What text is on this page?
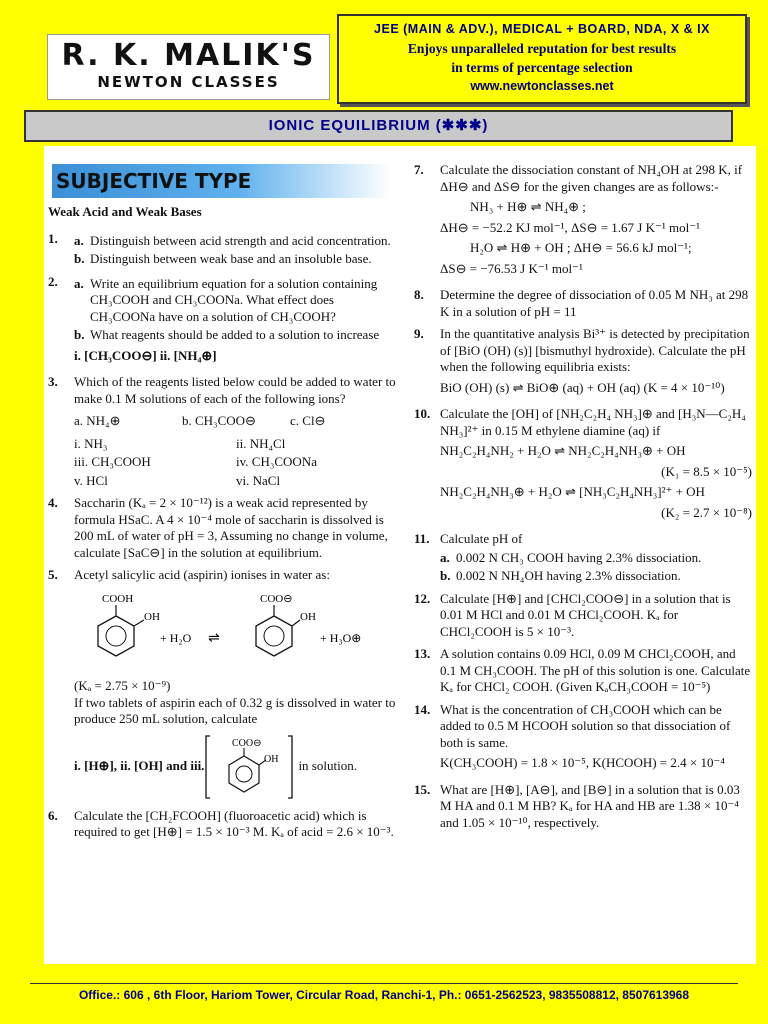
R. K. MALIK'S
NEWTON CLASSES
JEE (MAIN & ADV.), MEDICAL + BOARD, NDA, X & IX
Enjoys unparalleled reputation for best results
in terms of percentage selection
www.newtonclasses.net
IONIC EQUILIBRIUM (✱✱✱)
SUBJECTIVE TYPE
Weak Acid and Weak Bases
1.	a. Distinguish between acid strength and acid concentration.
b. Distinguish between weak base and an insoluble base.
2.	a. Write an equilibrium equation for a solution containing CH₃COOH and CH₃COONa. What effect does CH₃COONa have on a solution of CH₃COOH?
b. What reagents should be added to a solution to increase
i. [CH₃COO⊖] ii. [NH₄⊕]
3.	Which of the reagents listed below could be added to water to make 0.1 M solutions of each of the following ions?
a. NH₄⊕	b. CH₃COO⊖	c. Cl⊖
i. NH₃	ii. NH₄Cl
iii. CH₃COOH	iv. CH₃COONa
v. HCl	vi. NaCl
4.	Saccharin (Kₐ = 2 × 10⁻¹²) is a weak acid represented by formula HSaC. A 4 × 10⁻⁴ mole of saccharin is dissolved is 200 mL of water of pH = 3, Assuming no change in volume, calculate [SaC⊖] in the solution at equilibrium.
5.	Acetyl salicylic acid (aspirin) ionises in water as:
COOH
OH
+ H₂O ⇌
COO⊖
OH
+ H₃O⊕
(Kₐ = 2.75 × 10⁻⁹)
If two tablets of aspirin each of 0.32 g is dissolved in water to produce 250 mL solution, calculate
i. [H⊕], ii. [OH] and iii.
COO⊖
OH in solution.
6.	Calculate the [CH₂FCOOH] (fluoroacetic acid) which is required to get [H⊕] = 1.5 × 10⁻³ M. Kₐ of acid = 2.6 × 10⁻³.
7.	Calculate the dissociation constant of NH₄OH at 298 K, if ΔH⊖ and ΔS⊖ for the given changes are as follows:-
NH₃ + H⊕ ⇌ NH₄⊕ ;
ΔH⊖ = −52.2 KJ mol⁻¹, ΔS⊖ = 1.67 J K⁻¹ mol⁻¹
H₂O ⇌ H⊕ + OH ; ΔH⊖ = 56.6 kJ mol⁻¹;
ΔS⊖ = −76.53 J K⁻¹ mol⁻¹
8.	Determine the degree of dissociation of 0.05 M NH₃ at 298 K in a solution of pH = 11
9.	In the quantitative analysis Bi³⁺ is detected by precipitation of [BiO (OH) (s)] [bismuthyl hydroxide). Calculate the pH when the following equilibria exists:
BiO (OH) (s) ⇌ BiO⊕ (aq) + OH (aq) (K = 4 × 10⁻¹⁰)
10. Calculate the [OH] of [NH₂C₂H₄ NH₃]⊕ and [H₃N—C₂H₄ NH₃]²⁺ in 0.15 M ethylene diamine (aq) if
NH₂C₂H₄NH₂ + H₂O ⇌ NH₂C₂H₄NH₃⊕ + OH
(K₁ = 8.5 × 10⁻⁵)
NH₂C₂H₄NH₃⊕ + H₂O ⇌ [NH₃C₂H₄NH₃]²⁺ + OH
(K₂ = 2.7 × 10⁻⁸)
11. Calculate pH of
a. 0.002 N CH₃ COOH having 2.3% dissociation.
b. 0.002 N NH₄OH having 2.3% dissociation.
12. Calculate [H⊕] and [CHCl₂COO⊖] in a solution that is 0.01 M HCl and 0.01 M CHCl₂COOH. Kₐ for CHCl₂COOH is 5 × 10⁻³.
13. A solution contains 0.09 HCl, 0.09 M CHCl₂COOH, and 0.1 M CH₃COOH. The pH of this solution is one. Calculate Kₐ for CHCl₂ COOH. (Given KₐCH₃COOH = 10⁻⁵)
14. What is the concentration of CH₃COOH which can be added to 0.5 M HCOOH solution so that dissociation of both is same.
K(CH₃COOH) = 1.8 × 10⁻⁵, K(HCOOH) = 2.4 × 10⁻⁴
15. What are [H⊕], [A⊖], and [B⊖] in a solution that is 0.03 M HA and 0.1 M HB? Kₐ for HA and HB are 1.38 × 10⁻⁴ and 1.05 × 10⁻¹⁰, respectively.
Office.: 606 , 6th Floor, Hariom Tower, Circular Road, Ranchi-1, Ph.: 0651-2562523, 9835508812, 8507613968
